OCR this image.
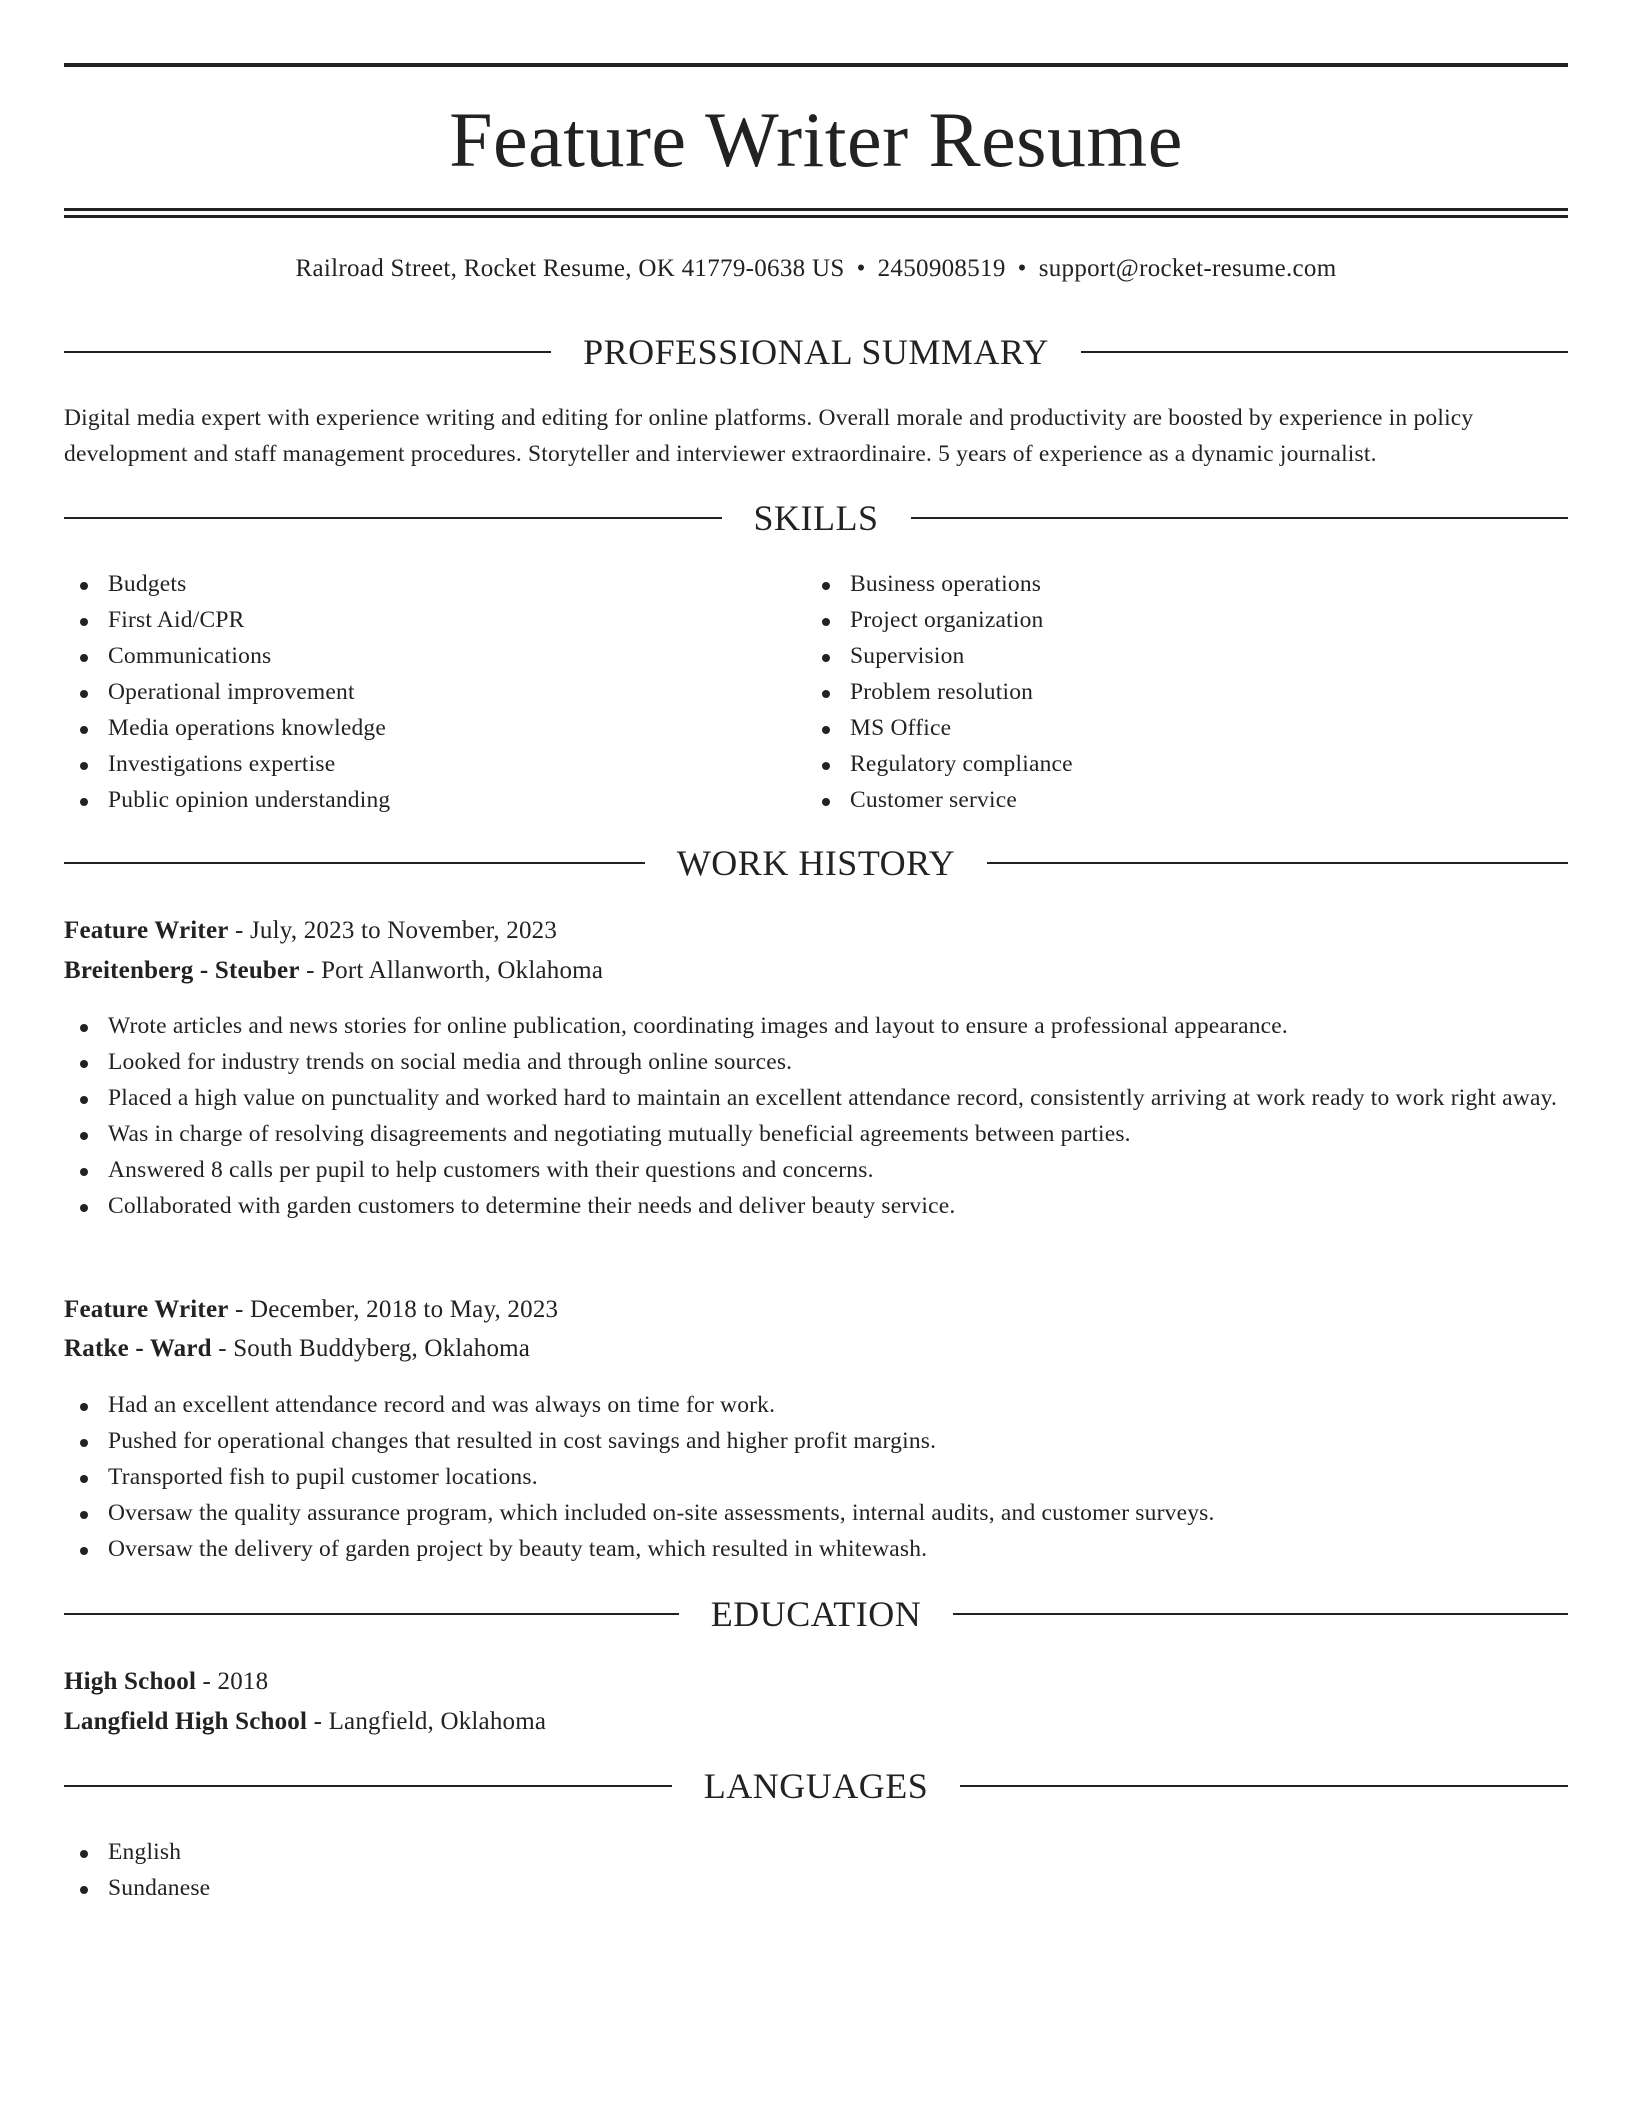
Feature Writer Resume
Railroad Street, Rocket Resume, OK 41779-0638 US • 2450908519 • support@rocket-resume.com
PROFESSIONAL SUMMARY

Digital media expert with experience writing and editing for online platforms. Overall morale and productivity are boosted by experience in policy development and staff management procedures. Storyteller and interviewer extraordinaire. 5 years of experience as a dynamic journalist.

SKILLS
Budgets
First Aid/CPR
Communications
Operational improvement
Media operations knowledge
Investigations expertise
Public opinion understanding
Business operations
Project organization
Supervision
Problem resolution
MS Office
Regulatory compliance
Customer service
WORK HISTORY
Feature Writer - July, 2023 to November, 2023
Breitenberg - Steuber - Port Allanworth, Oklahoma
Wrote articles and news stories for online publication, coordinating images and layout to ensure a professional appearance.
Looked for industry trends on social media and through online sources.
Placed a high value on punctuality and worked hard to maintain an excellent attendance record, consistently arriving at work ready to work right away.
Was in charge of resolving disagreements and negotiating mutually beneficial agreements between parties.
Answered 8 calls per pupil to help customers with their questions and concerns.
Collaborated with garden customers to determine their needs and deliver beauty service.
Feature Writer - December, 2018 to May, 2023
Ratke - Ward - South Buddyberg, Oklahoma
Had an excellent attendance record and was always on time for work.
Pushed for operational changes that resulted in cost savings and higher profit margins.
Transported fish to pupil customer locations.
Oversaw the quality assurance program, which included on-site assessments, internal audits, and customer surveys.
Oversaw the delivery of garden project by beauty team, which resulted in whitewash.
EDUCATION
High School - 2018
Langfield High School - Langfield, Oklahoma
LANGUAGES
English
Sundanese
